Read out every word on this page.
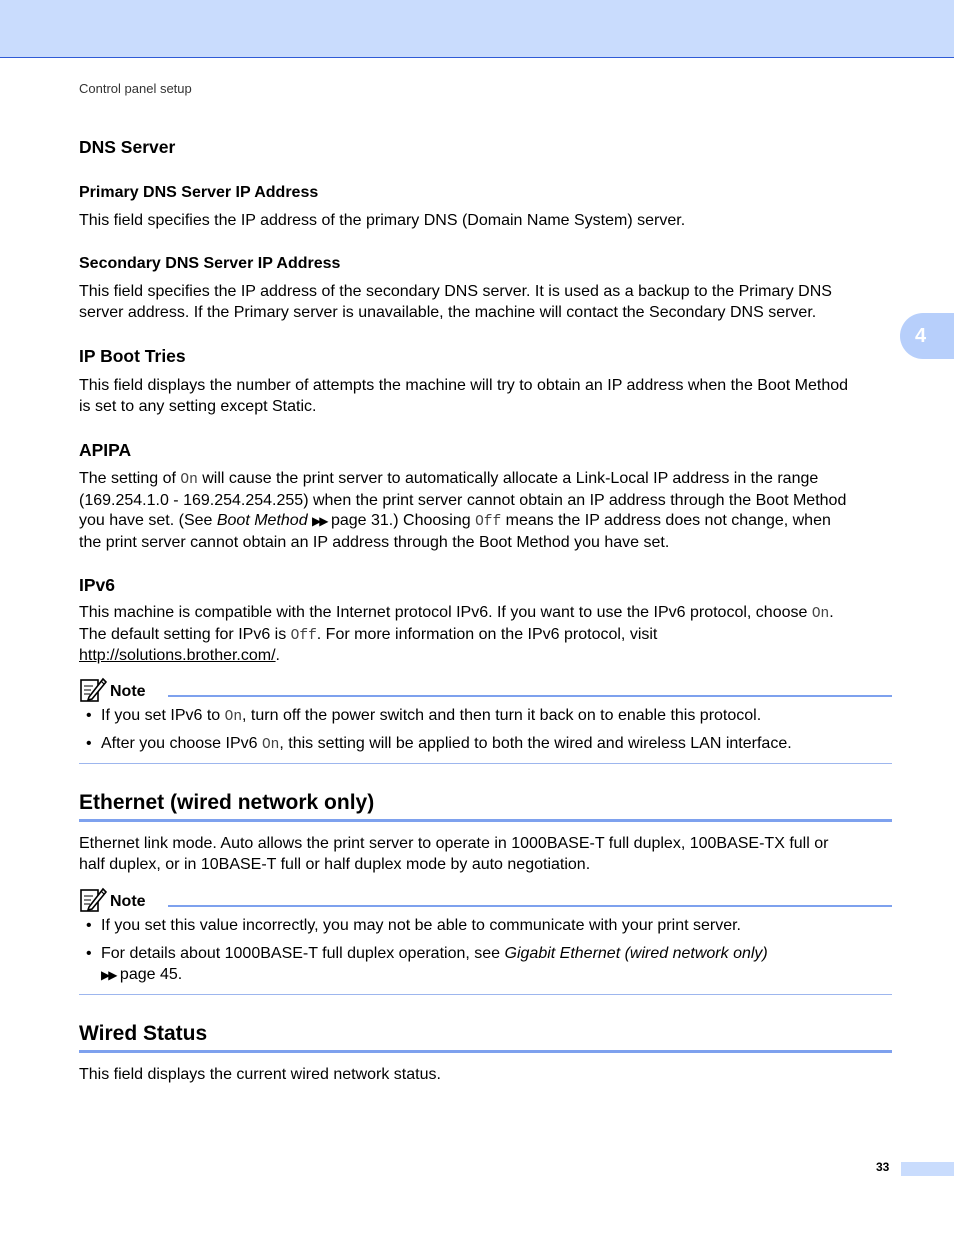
Control panel setup
4
DNS Server
Primary DNS Server IP Address
This field specifies the IP address of the primary DNS (Domain Name System) server.
Secondary DNS Server IP Address
This field specifies the IP address of the secondary DNS server. It is used as a backup to the Primary DNS
server address. If the Primary server is unavailable, the machine will contact the Secondary DNS server.
IP Boot Tries
This field displays the number of attempts the machine will try to obtain an IP address when the Boot Method
is set to any setting except Static.
APIPA
The setting of On will cause the print server to automatically allocate a Link-Local IP address in the range
(169.254.1.0 - 169.254.254.255) when the print server cannot obtain an IP address through the Boot Method
you have set. (See Boot Method ▶▶ page 31.) Choosing Off means the IP address does not change, when
the print server cannot obtain an IP address through the Boot Method you have set.
IPv6
This machine is compatible with the Internet protocol IPv6. If you want to use the IPv6 protocol, choose On.
The default setting for IPv6 is Off. For more information on the IPv6 protocol, visit
http://solutions.brother.com/.
Note
• If you set IPv6 to On, turn off the power switch and then turn it back on to enable this protocol.
• After you choose IPv6 On, this setting will be applied to both the wired and wireless LAN interface.
Ethernet (wired network only)
Ethernet link mode. Auto allows the print server to operate in 1000BASE-T full duplex, 100BASE-TX full or
half duplex, or in 10BASE-T full or half duplex mode by auto negotiation.
Note
• If you set this value incorrectly, you may not be able to communicate with your print server.
• For details about 1000BASE-T full duplex operation, see Gigabit Ethernet (wired network only)
▶▶ page 45.
Wired Status
This field displays the current wired network status.
33
